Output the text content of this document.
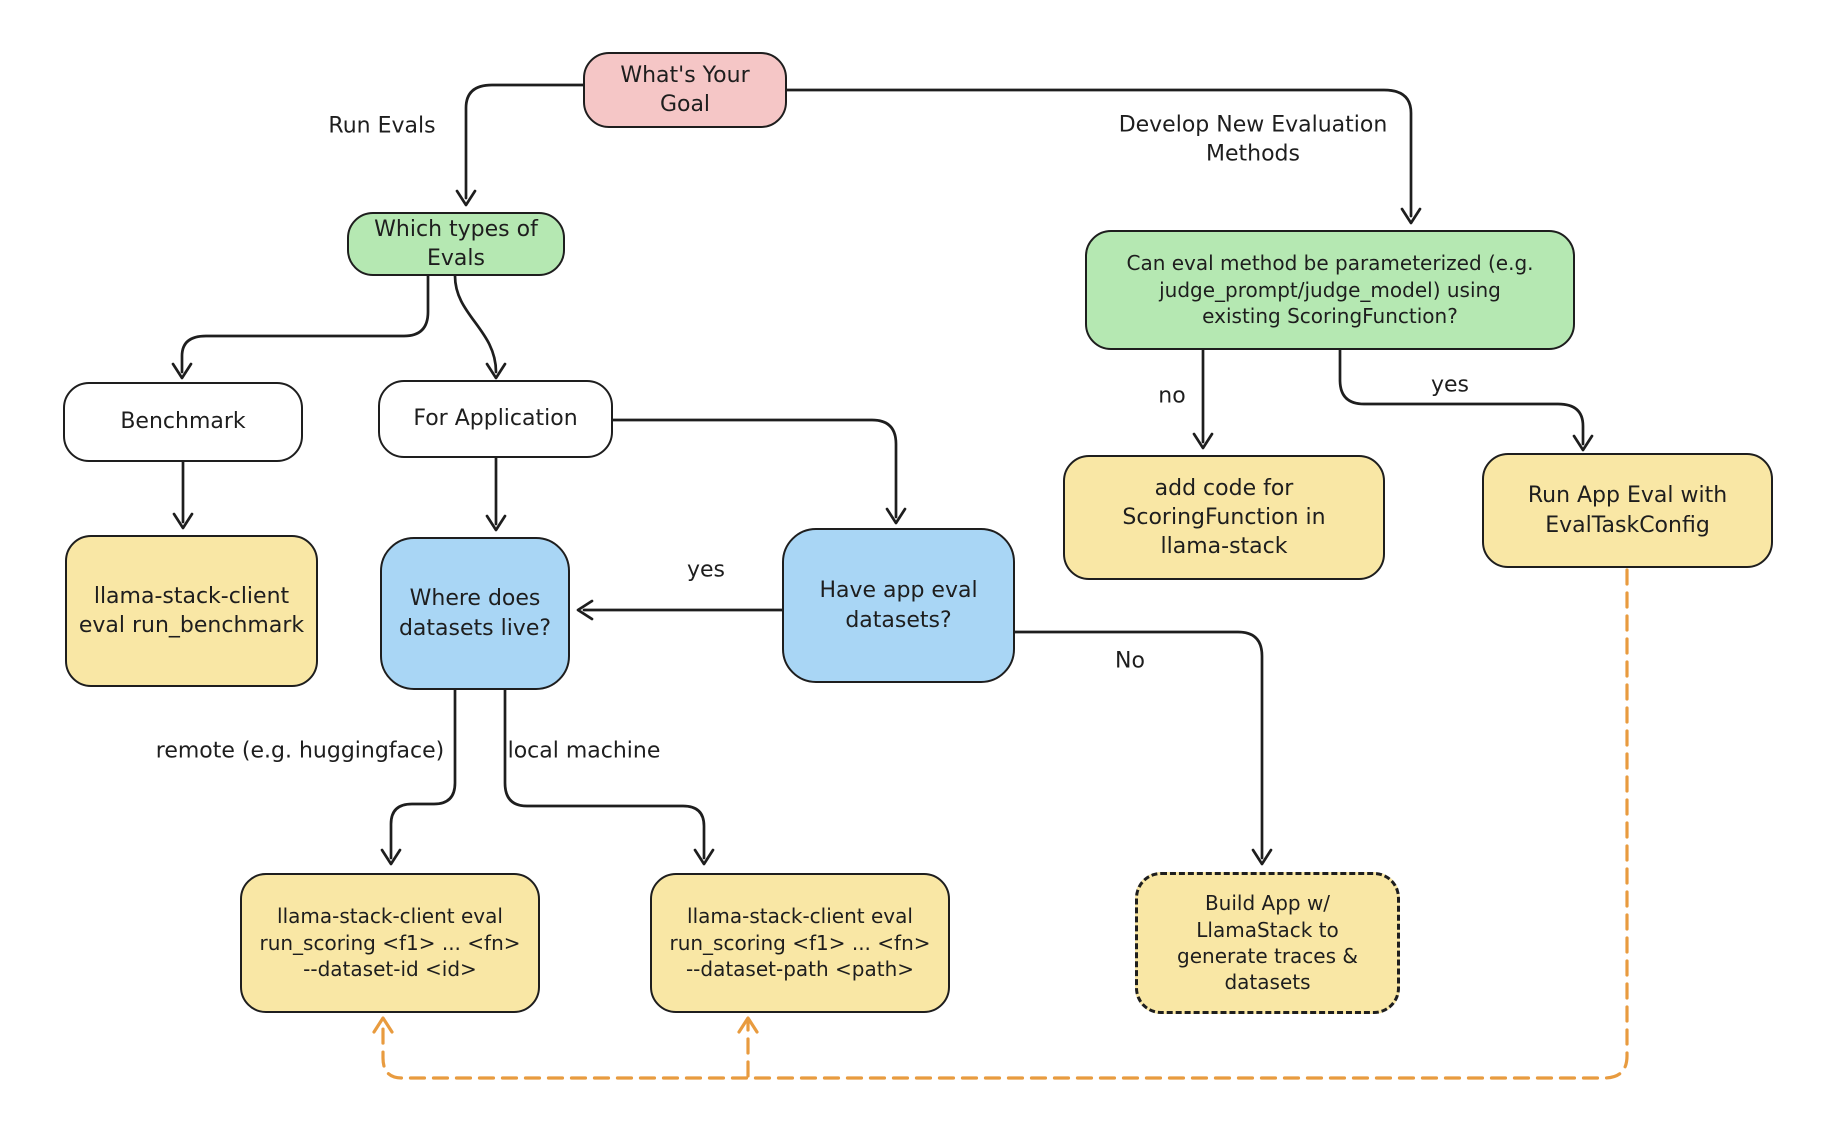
What's Your
Goal
Which types of
Evals	Can eval method be parameterized (e.g.
judge_prompt/judge_model) using
existing ScoringFunction?
Benchmark	For Application
llama-stack-client
eval run_benchmark
Where does
datasets live?
Have app eval
datasets?
add code for
ScoringFunction in
llama-stack
Run App Eval with
EvalTaskConfig
llama-stack-client eval
run_scoring <f1> ... <fn>
--dataset-id <id>
llama-stack-client eval
run_scoring <f1> ... <fn>
--dataset-path <path>
Build App w/
LlamaStack to
generate traces &
datasets
Run Evals	Develop New Evaluation
Methods
no	yes
yes
No
remote (e.g. huggingface)	local machine
